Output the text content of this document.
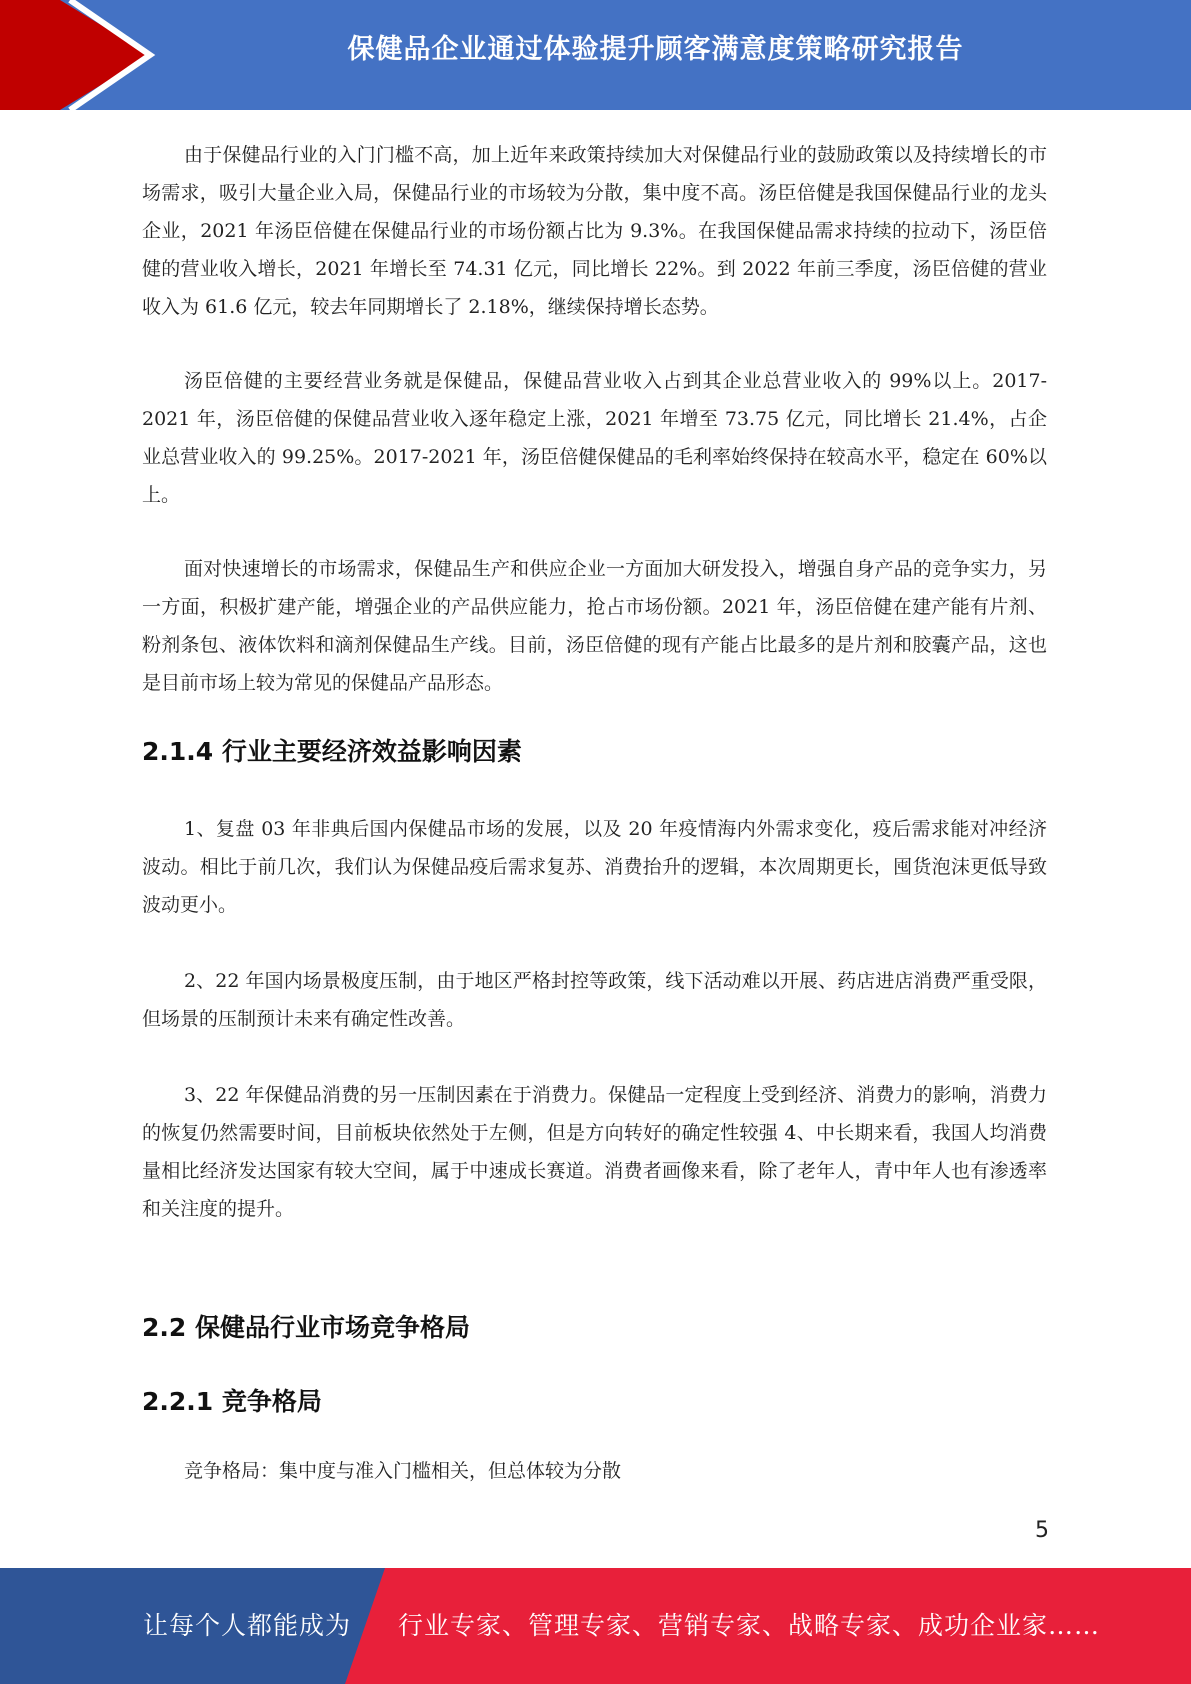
保健品企业通过体验提升顾客满意度策略研究报告

由于保健品行业的入门门槛不高，加上近年来政策持续加大对保健品行业的鼓励政策以及持续增长的市场需求，吸引大量企业入局，保健品行业的市场较为分散，集中度不高。汤臣倍健是我国保健品行业的龙头企业，2021 年汤臣倍健在保健品行业的市场份额占比为 9.3%。在我国保健品需求持续的拉动下，汤臣倍健的营业收入增长，2021 年增长至 74.31 亿元，同比增长 22%。到 2022 年前三季度，汤臣倍健的营业收入为 61.6 亿元，较去年同期增长了 2.18%，继续保持增长态势。

汤臣倍健的主要经营业务就是保健品，保健品营业收入占到其企业总营业收入的 99%以上。2017-2021 年，汤臣倍健的保健品营业收入逐年稳定上涨，2021 年增至 73.75 亿元，同比增长 21.4%，占企业总营业收入的 99.25%。2017-2021 年，汤臣倍健保健品的毛利率始终保持在较高水平，稳定在 60%以上。

面对快速增长的市场需求，保健品生产和供应企业一方面加大研发投入，增强自身产品的竞争实力，另一方面，积极扩建产能，增强企业的产品供应能力，抢占市场份额。2021 年，汤臣倍健在建产能有片剂、粉剂条包、液体饮料和滴剂保健品生产线。目前，汤臣倍健的现有产能占比最多的是片剂和胶囊产品，这也是目前市场上较为常见的保健品产品形态。

2.1.4 行业主要经济效益影响因素

1、复盘 03 年非典后国内保健品市场的发展，以及 20 年疫情海内外需求变化，疫后需求能对冲经济波动。相比于前几次，我们认为保健品疫后需求复苏、消费抬升的逻辑，本次周期更长，囤货泡沫更低导致波动更小。

2、22 年国内场景极度压制，由于地区严格封控等政策，线下活动难以开展、药店进店消费严重受限，但场景的压制预计未来有确定性改善。

3、22 年保健品消费的另一压制因素在于消费力。保健品一定程度上受到经济、消费力的影响，消费力的恢复仍然需要时间，目前板块依然处于左侧，但是方向转好的确定性较强 4、中长期来看，我国人均消费量相比经济发达国家有较大空间，属于中速成长赛道。消费者画像来看，除了老年人，青中年人也有渗透率和关注度的提升。

2.2 保健品行业市场竞争格局
2.2.1 竞争格局

竞争格局：集中度与准入门槛相关，但总体较为分散

5
让每个人都能成为 行业专家、管理专家、营销专家、战略专家、成功企业家……
